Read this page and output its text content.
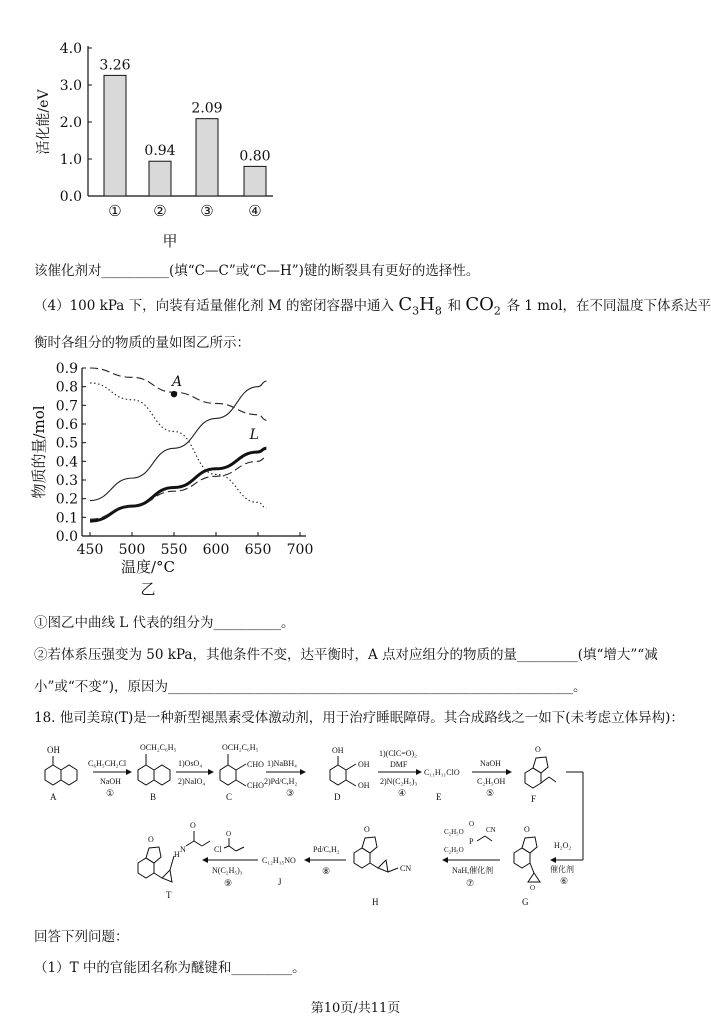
0.0
1.0
2.0
3.0
4.0
活化能/eV
3.26
①
0.94
②
2.09
③
0.80
④
甲
该催化剂对__________(填“C—C”或“C—H”)键的断裂具有更好的选择性。
（4）100 kPa 下，向装有适量催化剂 M 的密闭容器中通入 $C_3H_8$ 和 $CO_2$ 各 1 mol，在不同温度下体系达平
衡时各组分的物质的量如图乙所示：
0.0
0.1
0.2
0.3
0.4
0.5
0.6
0.7
0.8
0.9
450 500 550 600 650 700
物质的量/mol
温度/°C
乙
A
L
①图乙中曲线 L 代表的组分为__________。
②若体系压强变为 50 kPa，其他条件不变，达平衡时，A 点对应组分的物质的量_________(填“增大”“减
小”或“不变”)，原因为____________________________________________________________。
18. 他司美琼(T)是一种新型褪黑素受体激动剂，用于治疗睡眠障碍。其合成路线之一如下(未考虑立体异构)：
OH
A
C₆H₅CH₂Cl
NaOH
①
OCH₂C₆H₅
B
1)OsO₄
2)NaIO₄
OCH₂C₆H₅
CHO
CHO
C
1)NaBH₄
2)Pd/C,H₂
③
OH
OH
OH
D
1)(ClC=O)₂
DMF
2)N(C₂H₅)₃
④
C₁₁H₁₁ClO
E
NaOH
C₂H₅OH
⑤
O
F
H₂O₂
催化剂
⑥
O
O
G
C₂H₅O
C₂H₅O
P
O
CN
NaH,催化剂
⑦
O
CN
H
Pd/C,H₂
⑧
C₁₂H₁₅NO
J
O
Cl
N(C₂H₅)₃
⑨
O
H
N
O
T
回答下列问题：
（1）T 中的官能团名称为醚键和_________。
第10页/共11页
